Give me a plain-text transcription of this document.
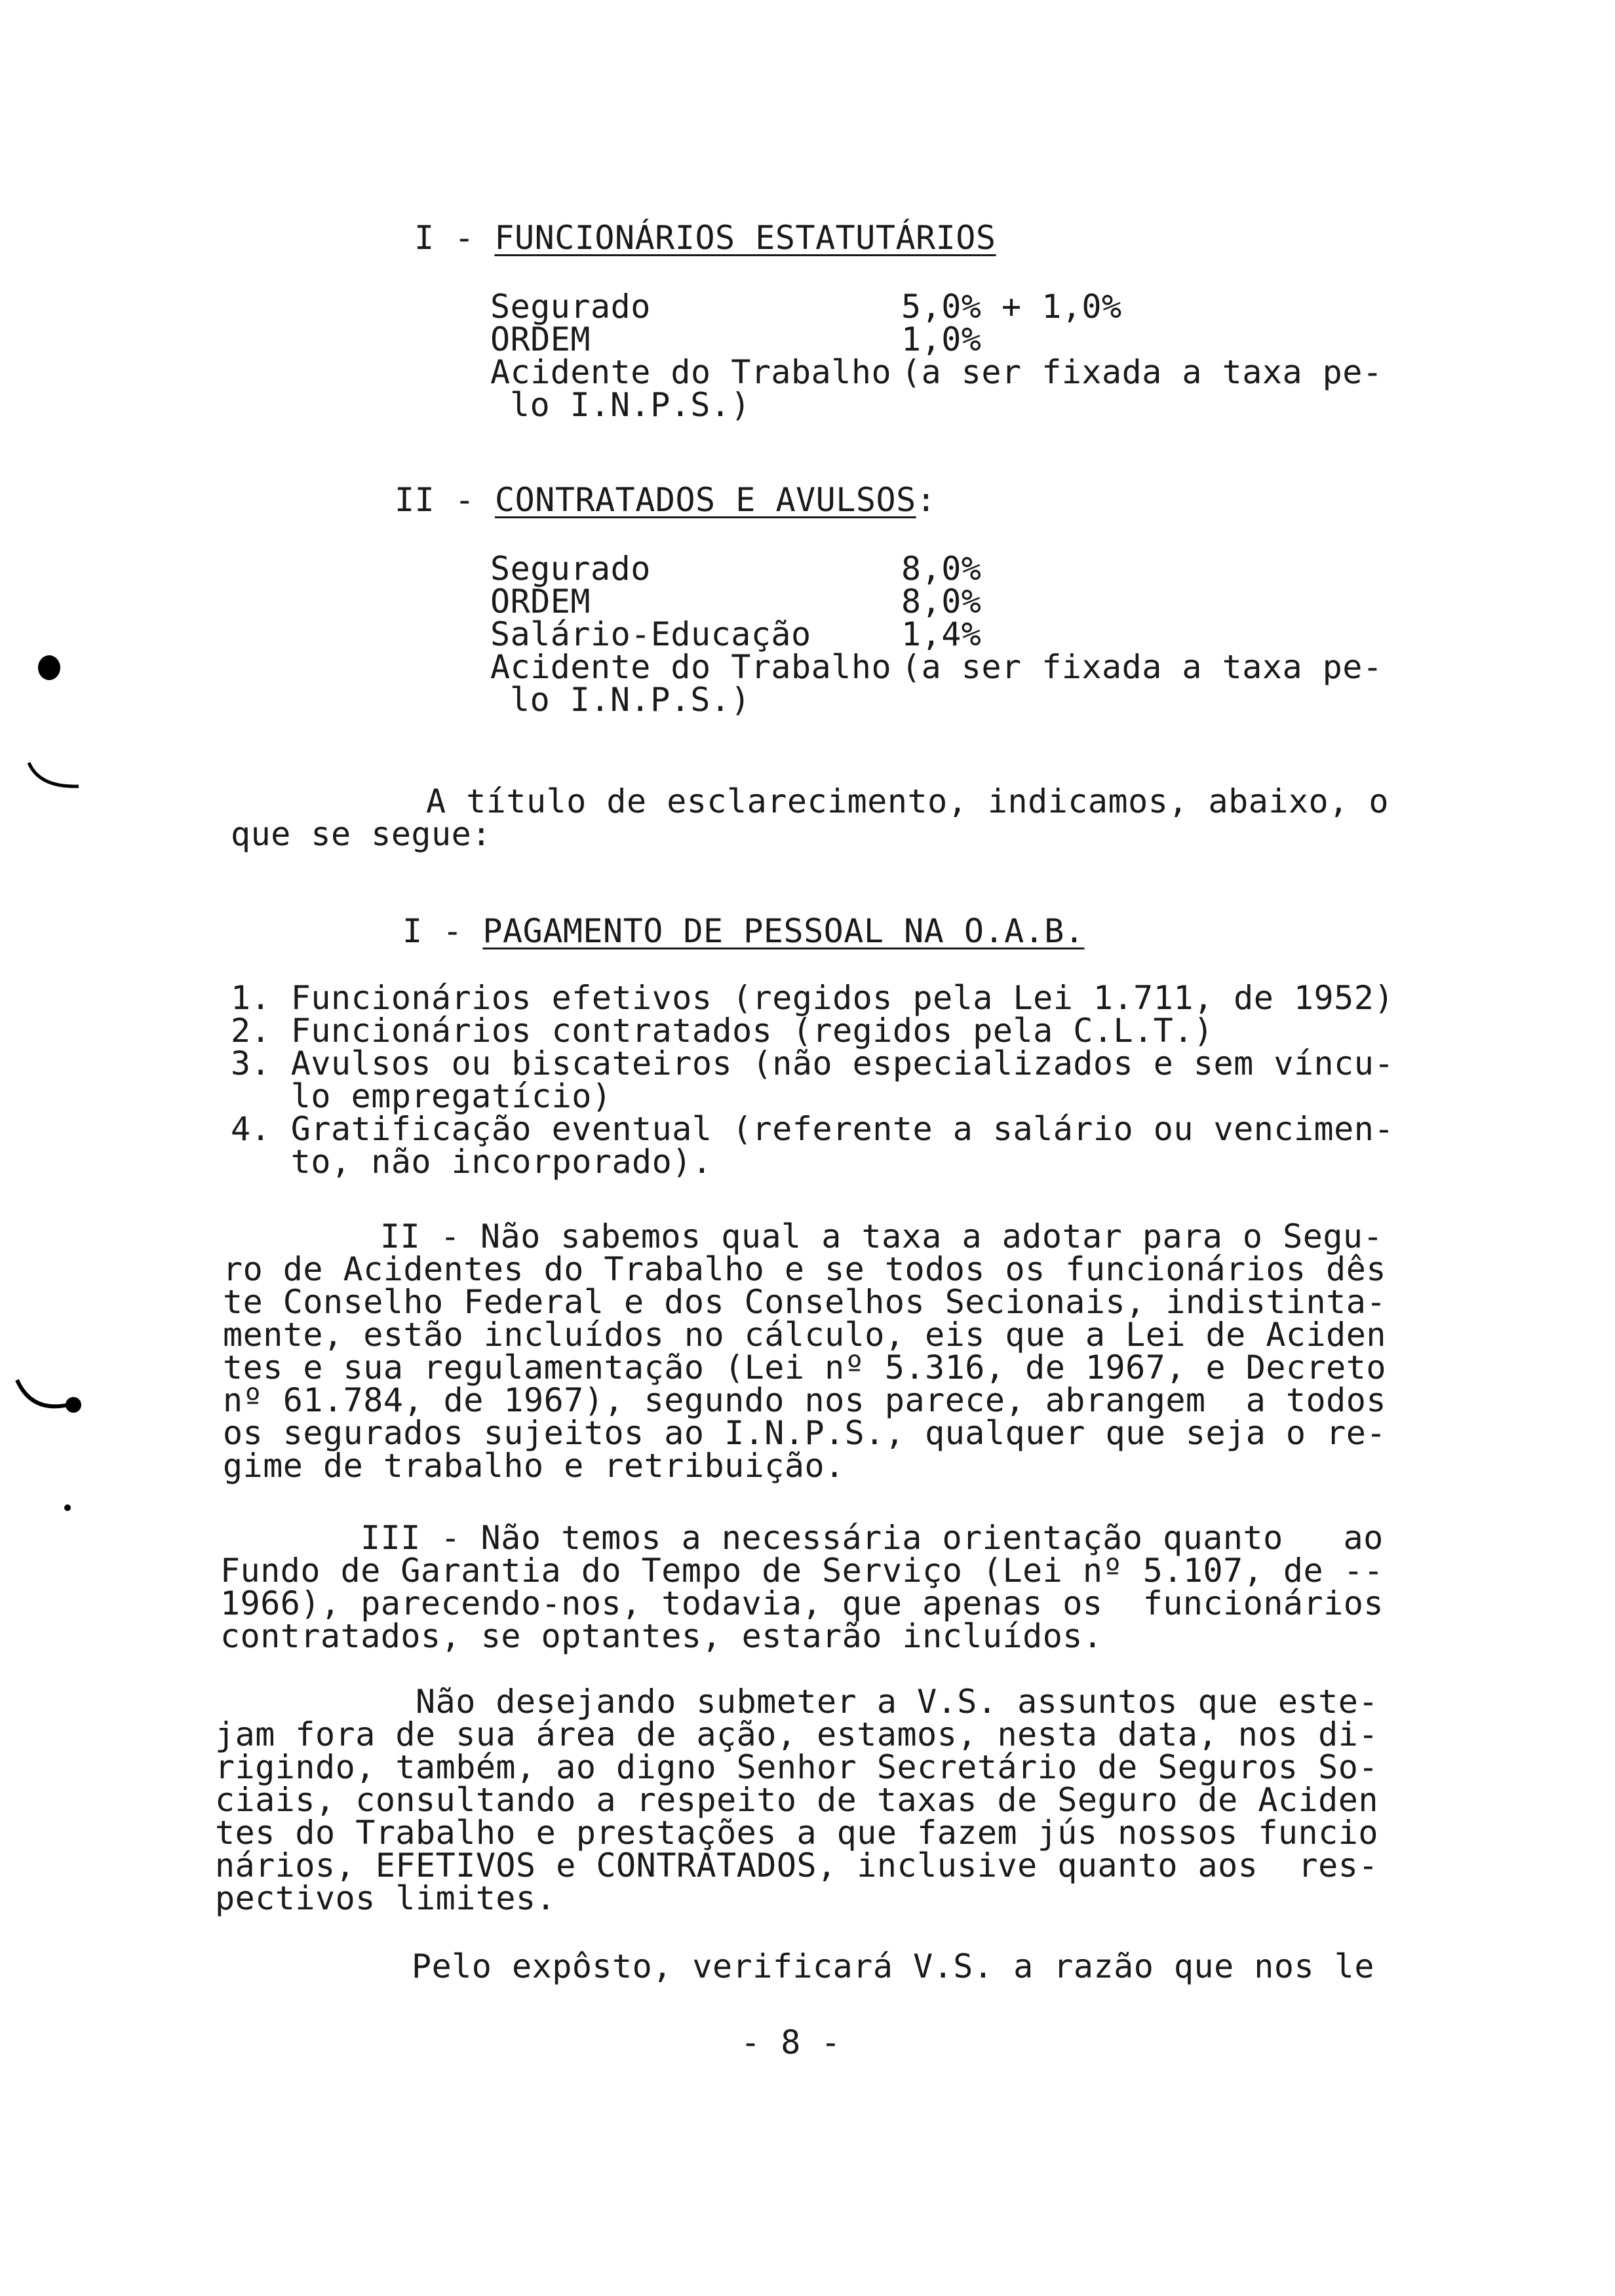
I - FUNCIONÁRIOS ESTATUTÁRIOS
Segurado	5,0% + 1,0%
ORDEM	1,0%
Acidente do Trabalho (a ser fixada a taxa pe-
lo I.N.P.S.)
II - CONTRATADOS E AVULSOS:
Segurado	8,0%
ORDEM	8,0%
Salário-Educação	1,4%
Acidente do Trabalho (a ser fixada a taxa pe-
lo I.N.P.S.)
A título de esclarecimento, indicamos, abaixo, o
que se segue:
I - PAGAMENTO DE PESSOAL NA O.A.B.
1. Funcionários efetivos (regidos pela Lei 1.711, de 1952)
2. Funcionários contratados (regidos pela C.L.T.)
3. Avulsos ou biscateiros (não especializados e sem víncu-
lo empregatício)
4. Gratificação eventual (referente a salário ou vencimen-
to, não incorporado).
II - Não sabemos qual a taxa a adotar para o Segu-
ro de Acidentes do Trabalho e se todos os funcionários dês
te Conselho Federal e dos Conselhos Secionais, indistinta-
mente, estão incluídos no cálculo, eis que a Lei de Aciden
tes e sua regulamentação (Lei nº 5.316, de 1967, e Decreto
nº 61.784, de 1967), segundo nos parece, abrangem  a todos
os segurados sujeitos ao I.N.P.S., qualquer que seja o re-
gime de trabalho e retribuição.
III - Não temos a necessária orientação quanto   ao
Fundo de Garantia do Tempo de Serviço (Lei nº 5.107, de --
1966), parecendo-nos, todavia, que apenas os  funcionários
contratados, se optantes, estarão incluídos.
Não desejando submeter a V.S. assuntos que este-
jam fora de sua área de ação, estamos, nesta data, nos di-
rigindo, também, ao digno Senhor Secretário de Seguros So-
ciais, consultando a respeito de taxas de Seguro de Aciden
tes do Trabalho e prestações a que fazem jús nossos funcio
nários, EFETIVOS e CONTRATADOS, inclusive quanto aos  res-
pectivos limites.
Pelo expôsto, verificará V.S. a razão que nos le
- 8 -
